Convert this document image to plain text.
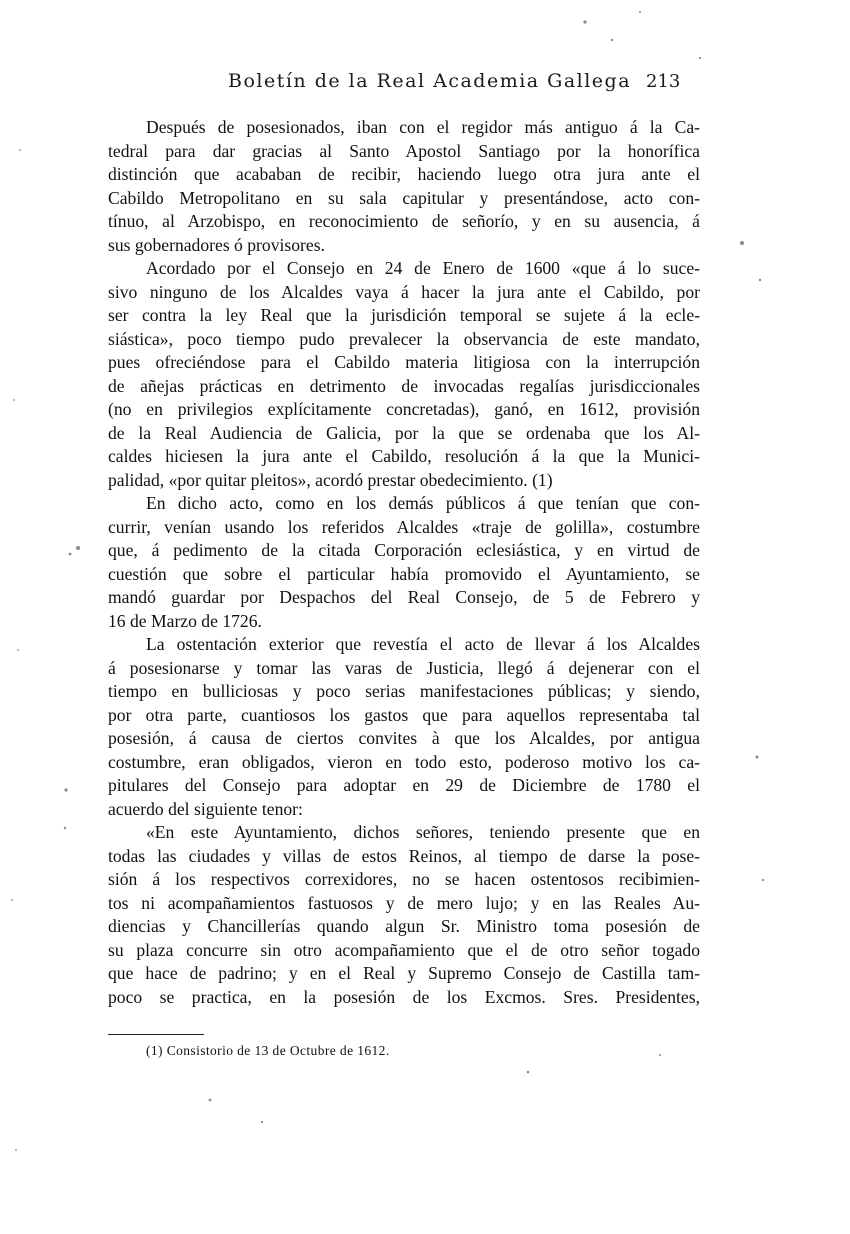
Boletín de la Real Academia Gallega 213
Después de posesionados, iban con el regidor más antiguo á la Ca-
tedral para dar gracias al Santo Apostol Santiago por la honorífica
distinción que acababan de recibir, haciendo luego otra jura ante el
Cabildo Metropolitano en su sala capitular y presentándose, acto con-
tínuo, al Arzobispo, en reconocimiento de señorío, y en su ausencia, á
sus gobernadores ó provisores.
Acordado por el Consejo en 24 de Enero de 1600 «que á lo suce-
sivo ninguno de los Alcaldes vaya á hacer la jura ante el Cabildo, por
ser contra la ley Real que la jurisdición temporal se sujete á la ecle-
siástica», poco tiempo pudo prevalecer la observancia de este mandato,
pues ofreciéndose para el Cabildo materia litigiosa con la interrupción
de añejas prácticas en detrimento de invocadas regalías jurisdiccionales
(no en privilegios explícitamente concretadas), ganó, en 1612, provisión
de la Real Audiencia de Galicia, por la que se ordenaba que los Al-
caldes hiciesen la jura ante el Cabildo, resolución á la que la Munici-
palidad, «por quitar pleitos», acordó prestar obedecimiento. (1)
En dicho acto, como en los demás públicos á que tenían que con-
currir, venían usando los referidos Alcaldes «traje de golilla», costumbre
que, á pedimento de la citada Corporación eclesiástica, y en virtud de
cuestión que sobre el particular había promovido el Ayuntamiento, se
mandó guardar por Despachos del Real Consejo, de 5 de Febrero y
16 de Marzo de 1726.
La ostentación exterior que revestía el acto de llevar á los Alcaldes
á posesionarse y tomar las varas de Justicia, llegó á dejenerar con el
tiempo en bulliciosas y poco serias manifestaciones públicas; y siendo,
por otra parte, cuantiosos los gastos que para aquellos representaba tal
posesión, á causa de ciertos convites à que los Alcaldes, por antigua
costumbre, eran obligados, vieron en todo esto, poderoso motivo los ca-
pitulares del Consejo para adoptar en 29 de Diciembre de 1780 el
acuerdo del siguiente tenor:
«En este Ayuntamiento, dichos señores, teniendo presente que en
todas las ciudades y villas de estos Reinos, al tiempo de darse la pose-
sión á los respectivos correxidores, no se hacen ostentosos recibimien-
tos ni acompañamientos fastuosos y de mero lujo; y en las Reales Au-
diencias y Chancillerías quando algun Sr. Ministro toma posesión de
su plaza concurre sin otro acompañamiento que el de otro señor togado
que hace de padrino; y en el Real y Supremo Consejo de Castilla tam-
poco se practica, en la posesión de los Excmos. Sres. Presidentes,
(1) Consistorio de 13 de Octubre de 1612.
